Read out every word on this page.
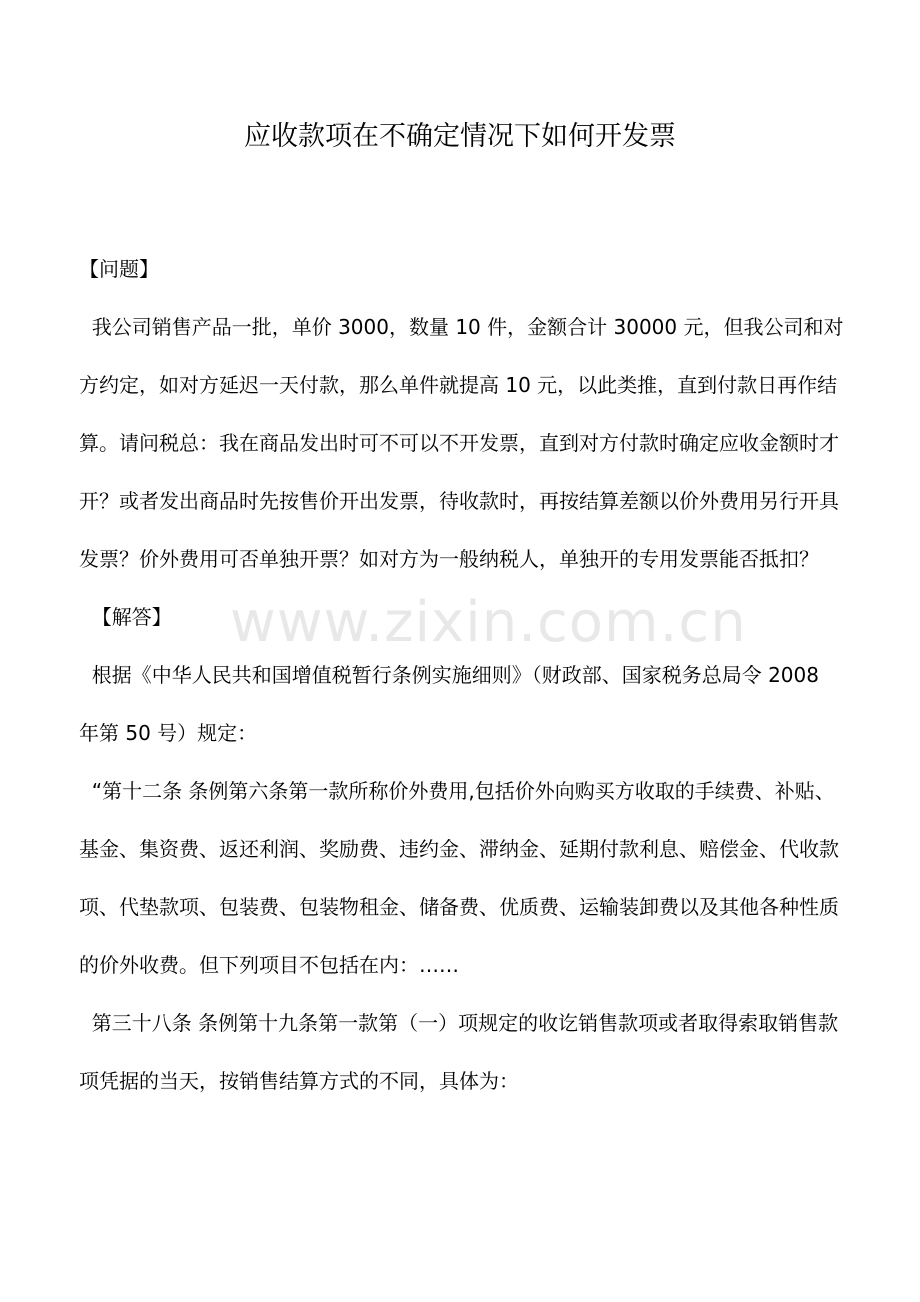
应收款项在不确定情况下如何开发票

【问题】

我公司销售产品一批，单价 3000，数量 10 件，金额合计 30000 元，但我公司和对方约定，如对方延迟一天付款，那么单件就提高 10 元，以此类推，直到付款日再作结算。请问税总：我在商品发出时可不可以不开发票，直到对方付款时确定应收金额时才开？或者发出商品时先按售价开出发票，待收款时，再按结算差额以价外费用另行开具发票？价外费用可否单独开票？如对方为一般纳税人，单独开的专用发票能否抵扣？

【解答】

根据《中华人民共和国增值税暂行条例实施细则》（财政部、国家税务总局令 2008 年第 50 号）规定：

“第十二条 条例第六条第一款所称价外费用,包括价外向购买方收取的手续费、补贴、基金、集资费、返还利润、奖励费、违约金、滞纳金、延期付款利息、赔偿金、代收款项、代垫款项、包装费、包装物租金、储备费、优质费、运输装卸费以及其他各种性质的价外收费。但下列项目不包括在内：……

第三十八条 条例第十九条第一款第（一）项规定的收讫销售款项或者取得索取销售款项凭据的当天，按销售结算方式的不同，具体为：

www.zixin.com.cn
